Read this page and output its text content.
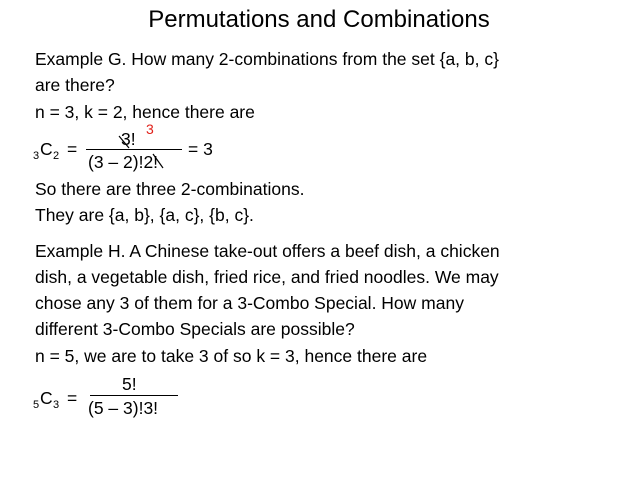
Permutations and Combinations
Example G. How many 2-combinations from the set {a, b, c}
are there?
n = 3, k = 2, hence there are
3 C 2 =	3! 3
(3 – 2)!2!
= 3
So there are three 2-combinations.
They are {a, b}, {a, c}, {b, c}.
Example H. A Chinese take-out offers a beef dish, a chicken
dish, a vegetable dish, fried rice, and fried noodles. We may
chose any 3 of them for a 3-Combo Special. How many
different 3-Combo Specials are possible?
n = 5, we are to take 3 of so k = 3, hence there are
5 C 3 =
5!
(5 – 3)!3!
